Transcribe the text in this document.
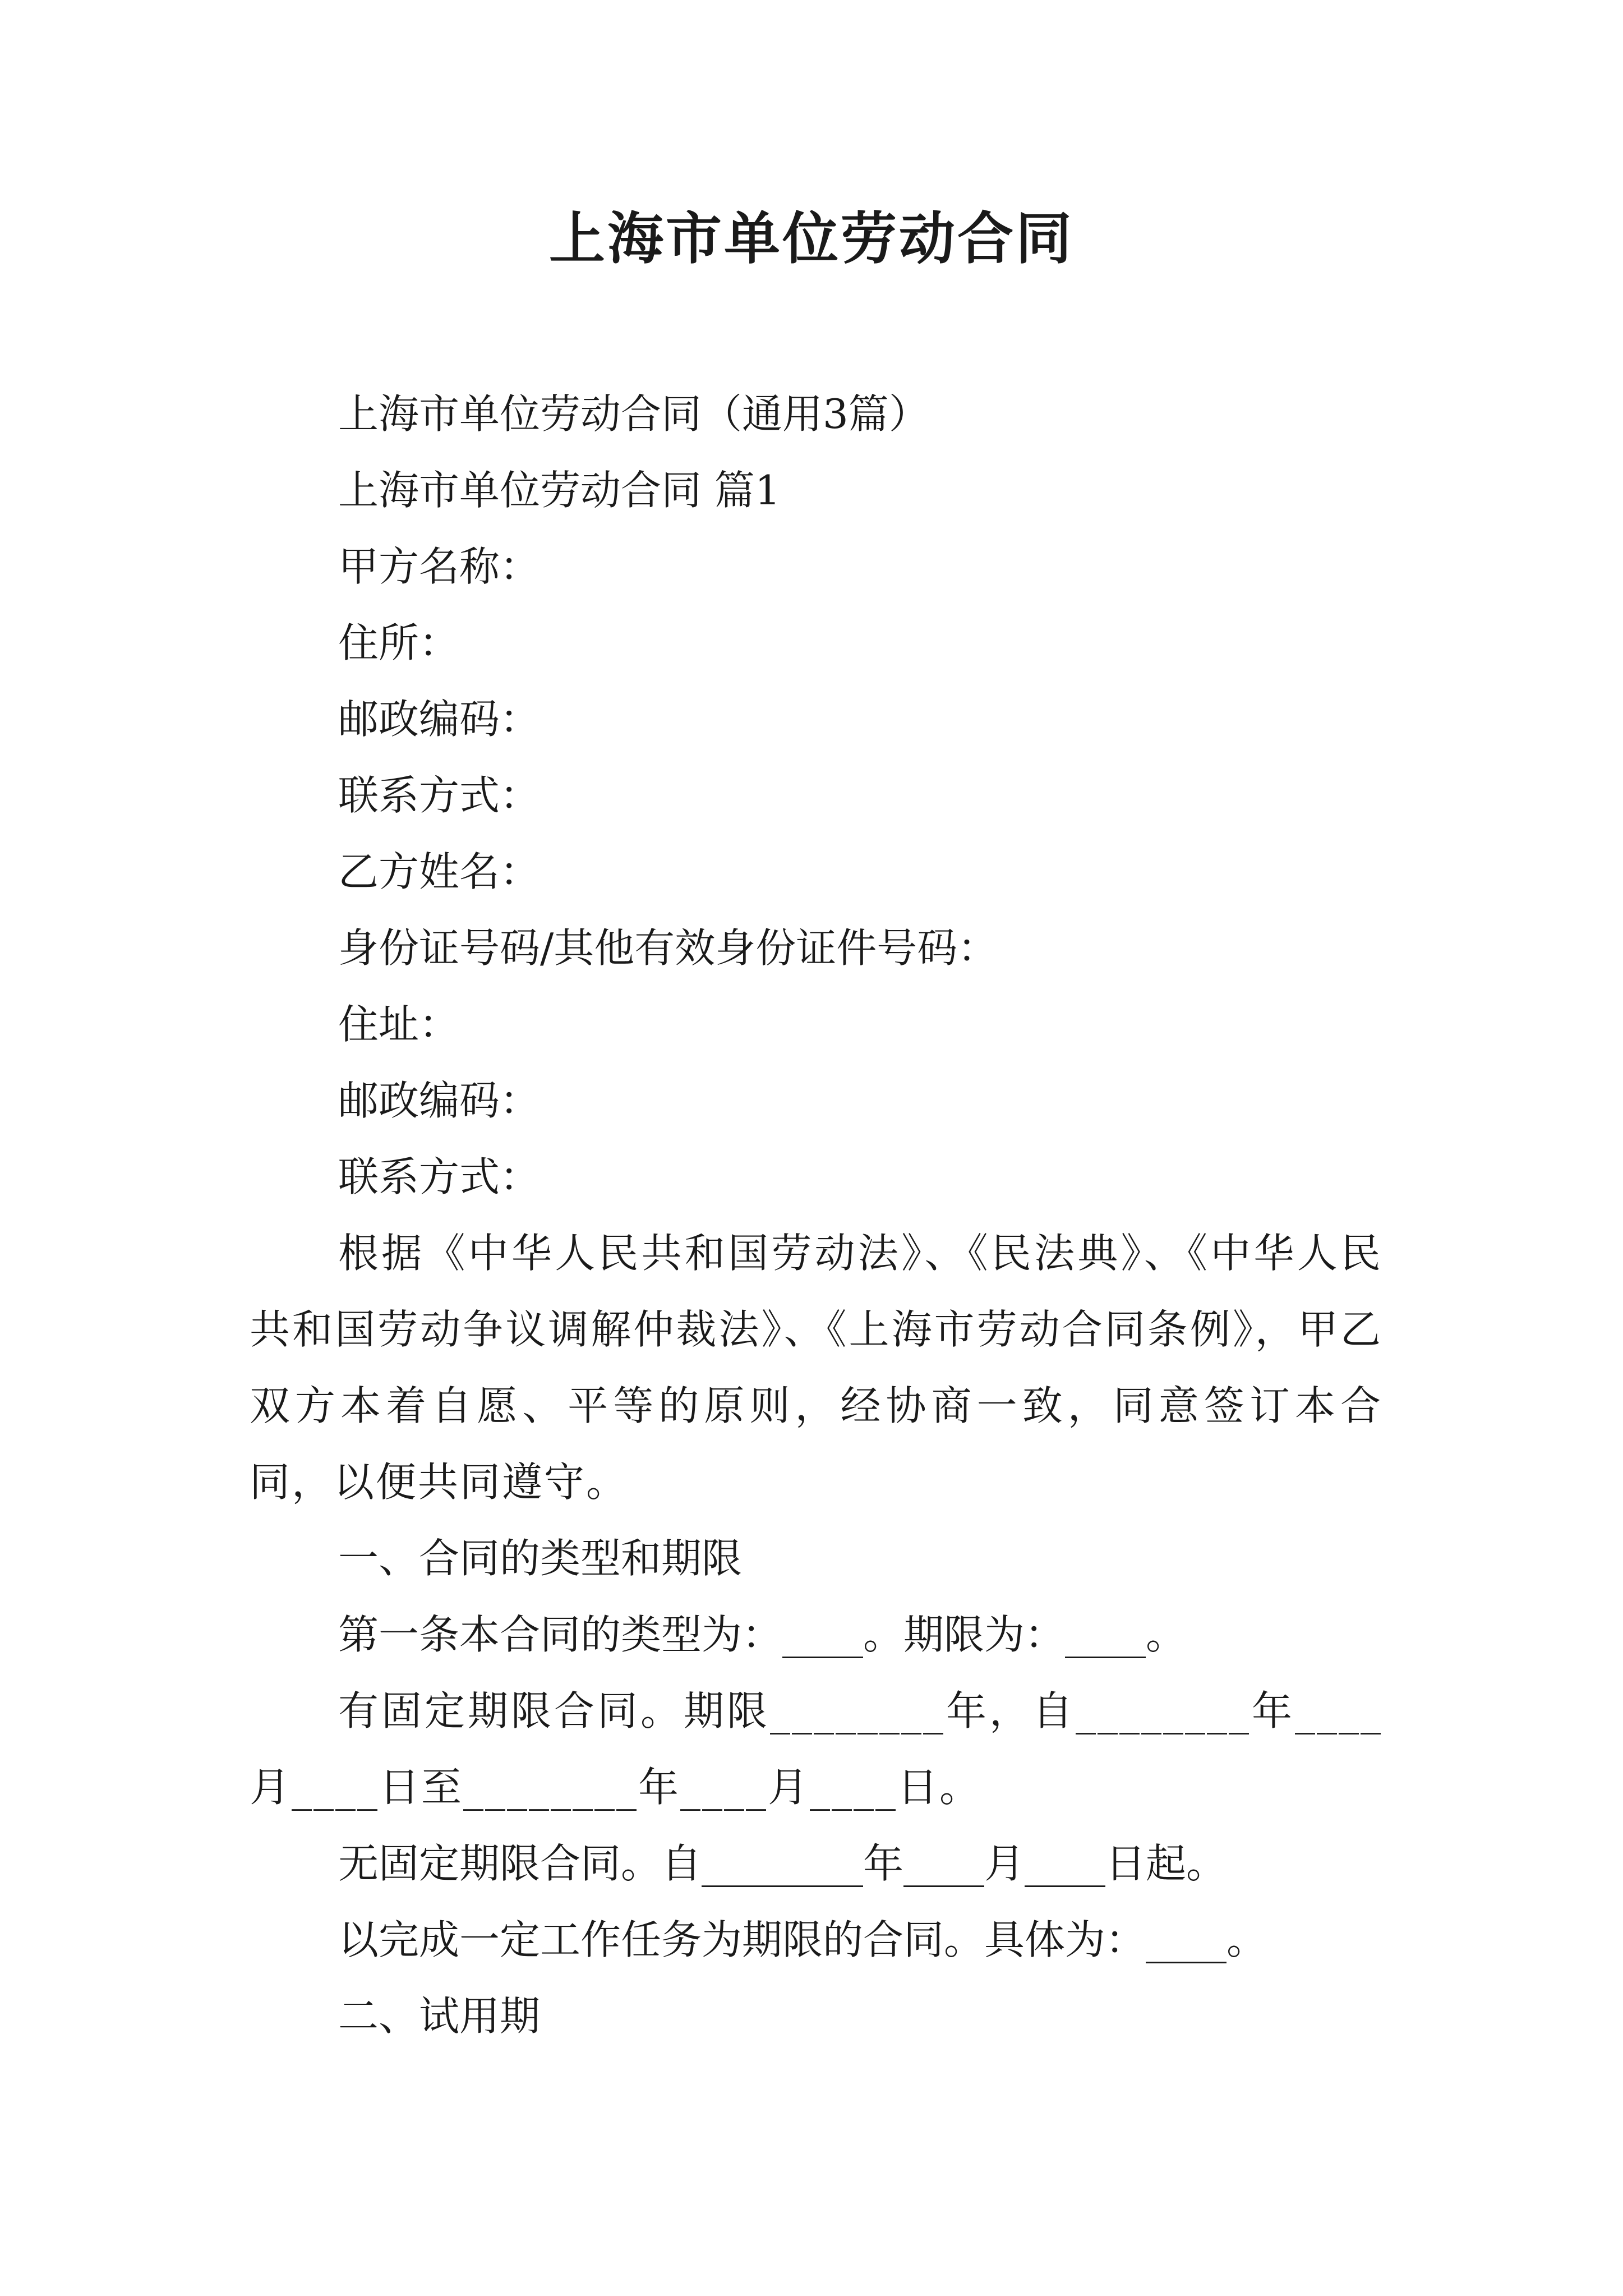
上海市单位劳动合同

上海市单位劳动合同（通用3篇）

上海市单位劳动合同 篇1

甲方名称：

住所：

邮政编码：

联系方式：

乙方姓名：

身份证号码/其他有效身份证件号码：

住址：

邮政编码：

联系方式：

根据《中华人民共和国劳动法》、《民法典》、《中华人民共和国劳动争议调解仲裁法》、《上海市劳动合同条例》，甲乙双方本着自愿、平等的原则，经协商一致，同意签订本合同，以便共同遵守。

一、合同的类型和期限

第一条本合同的类型为：____。期限为：____。

有固定期限合同。期限________年，自________年____月____日至________年____月____日。

无固定期限合同。自________年____月____日起。

以完成一定工作任务为期限的合同。具体为：____。

二、试用期
